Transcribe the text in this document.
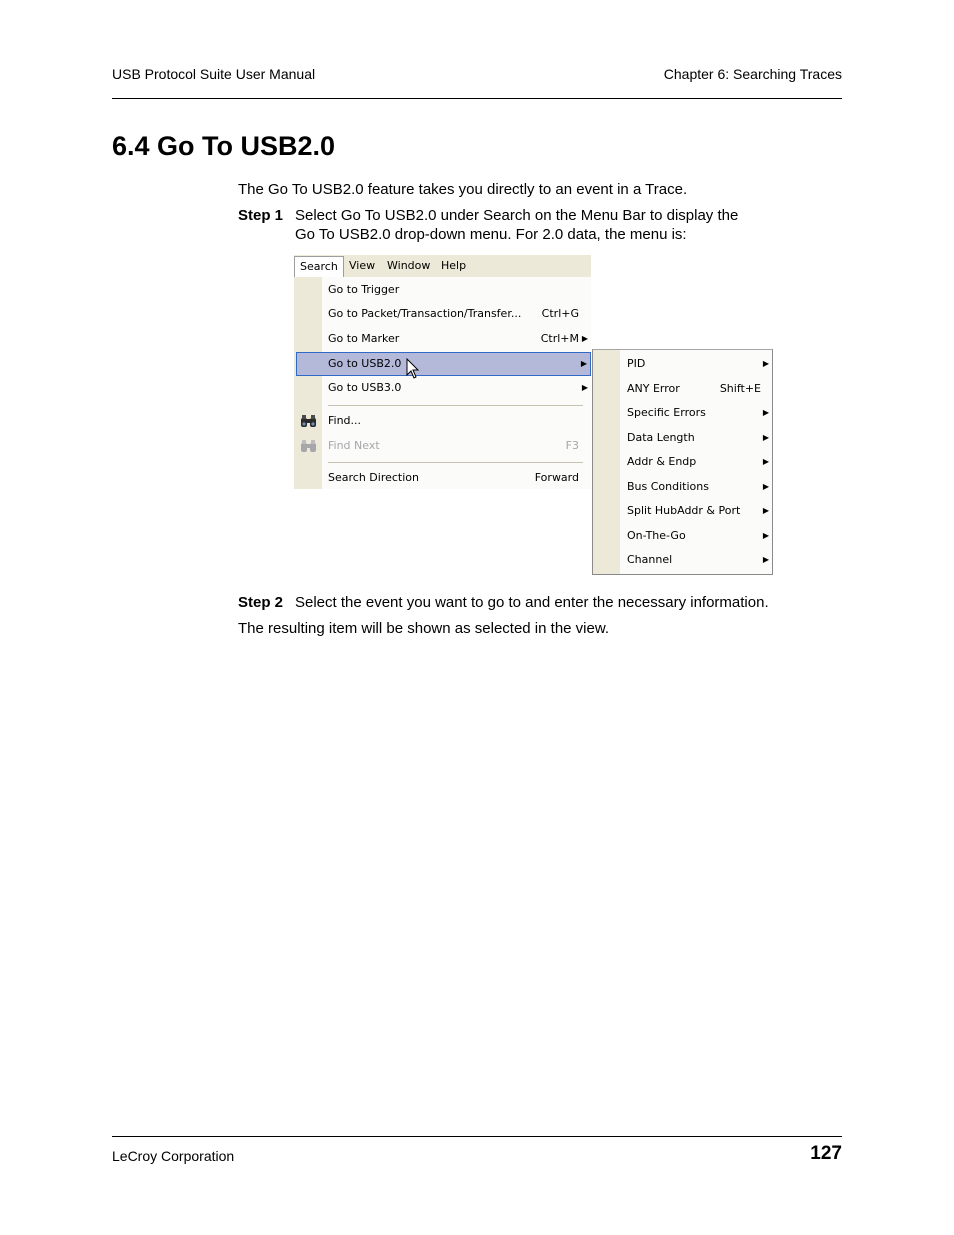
USB Protocol Suite User Manual	Chapter 6: Searching Traces
6.4 Go To USB2.0
The Go To USB2.0 feature takes you directly to an event in a Trace.
Step 1 Select Go To USB2.0 under Search on the Menu Bar to display the
Go To USB2.0 drop-down menu. For 2.0 data, the menu is:
Search	View	Window Help
Go to Trigger
Go to Packet/Transaction/Transfer... Ctrl+G
Go to Marker	Ctrl+M ▶
Go to USB2.0	▶
Go to USB3.0	▶
Find...
Find Next	F3
Search Direction	Forward
PID	▶
ANY Error	Shift+E
Specific Errors	▶
Data Length	▶
Addr & Endp	▶
Bus Conditions	▶
Split HubAddr & Port	▶
On-The-Go	▶
Channel	▶
Step 2 Select the event you want to go to and enter the necessary information.
The resulting item will be shown as selected in the view.
LeCroy Corporation	127
